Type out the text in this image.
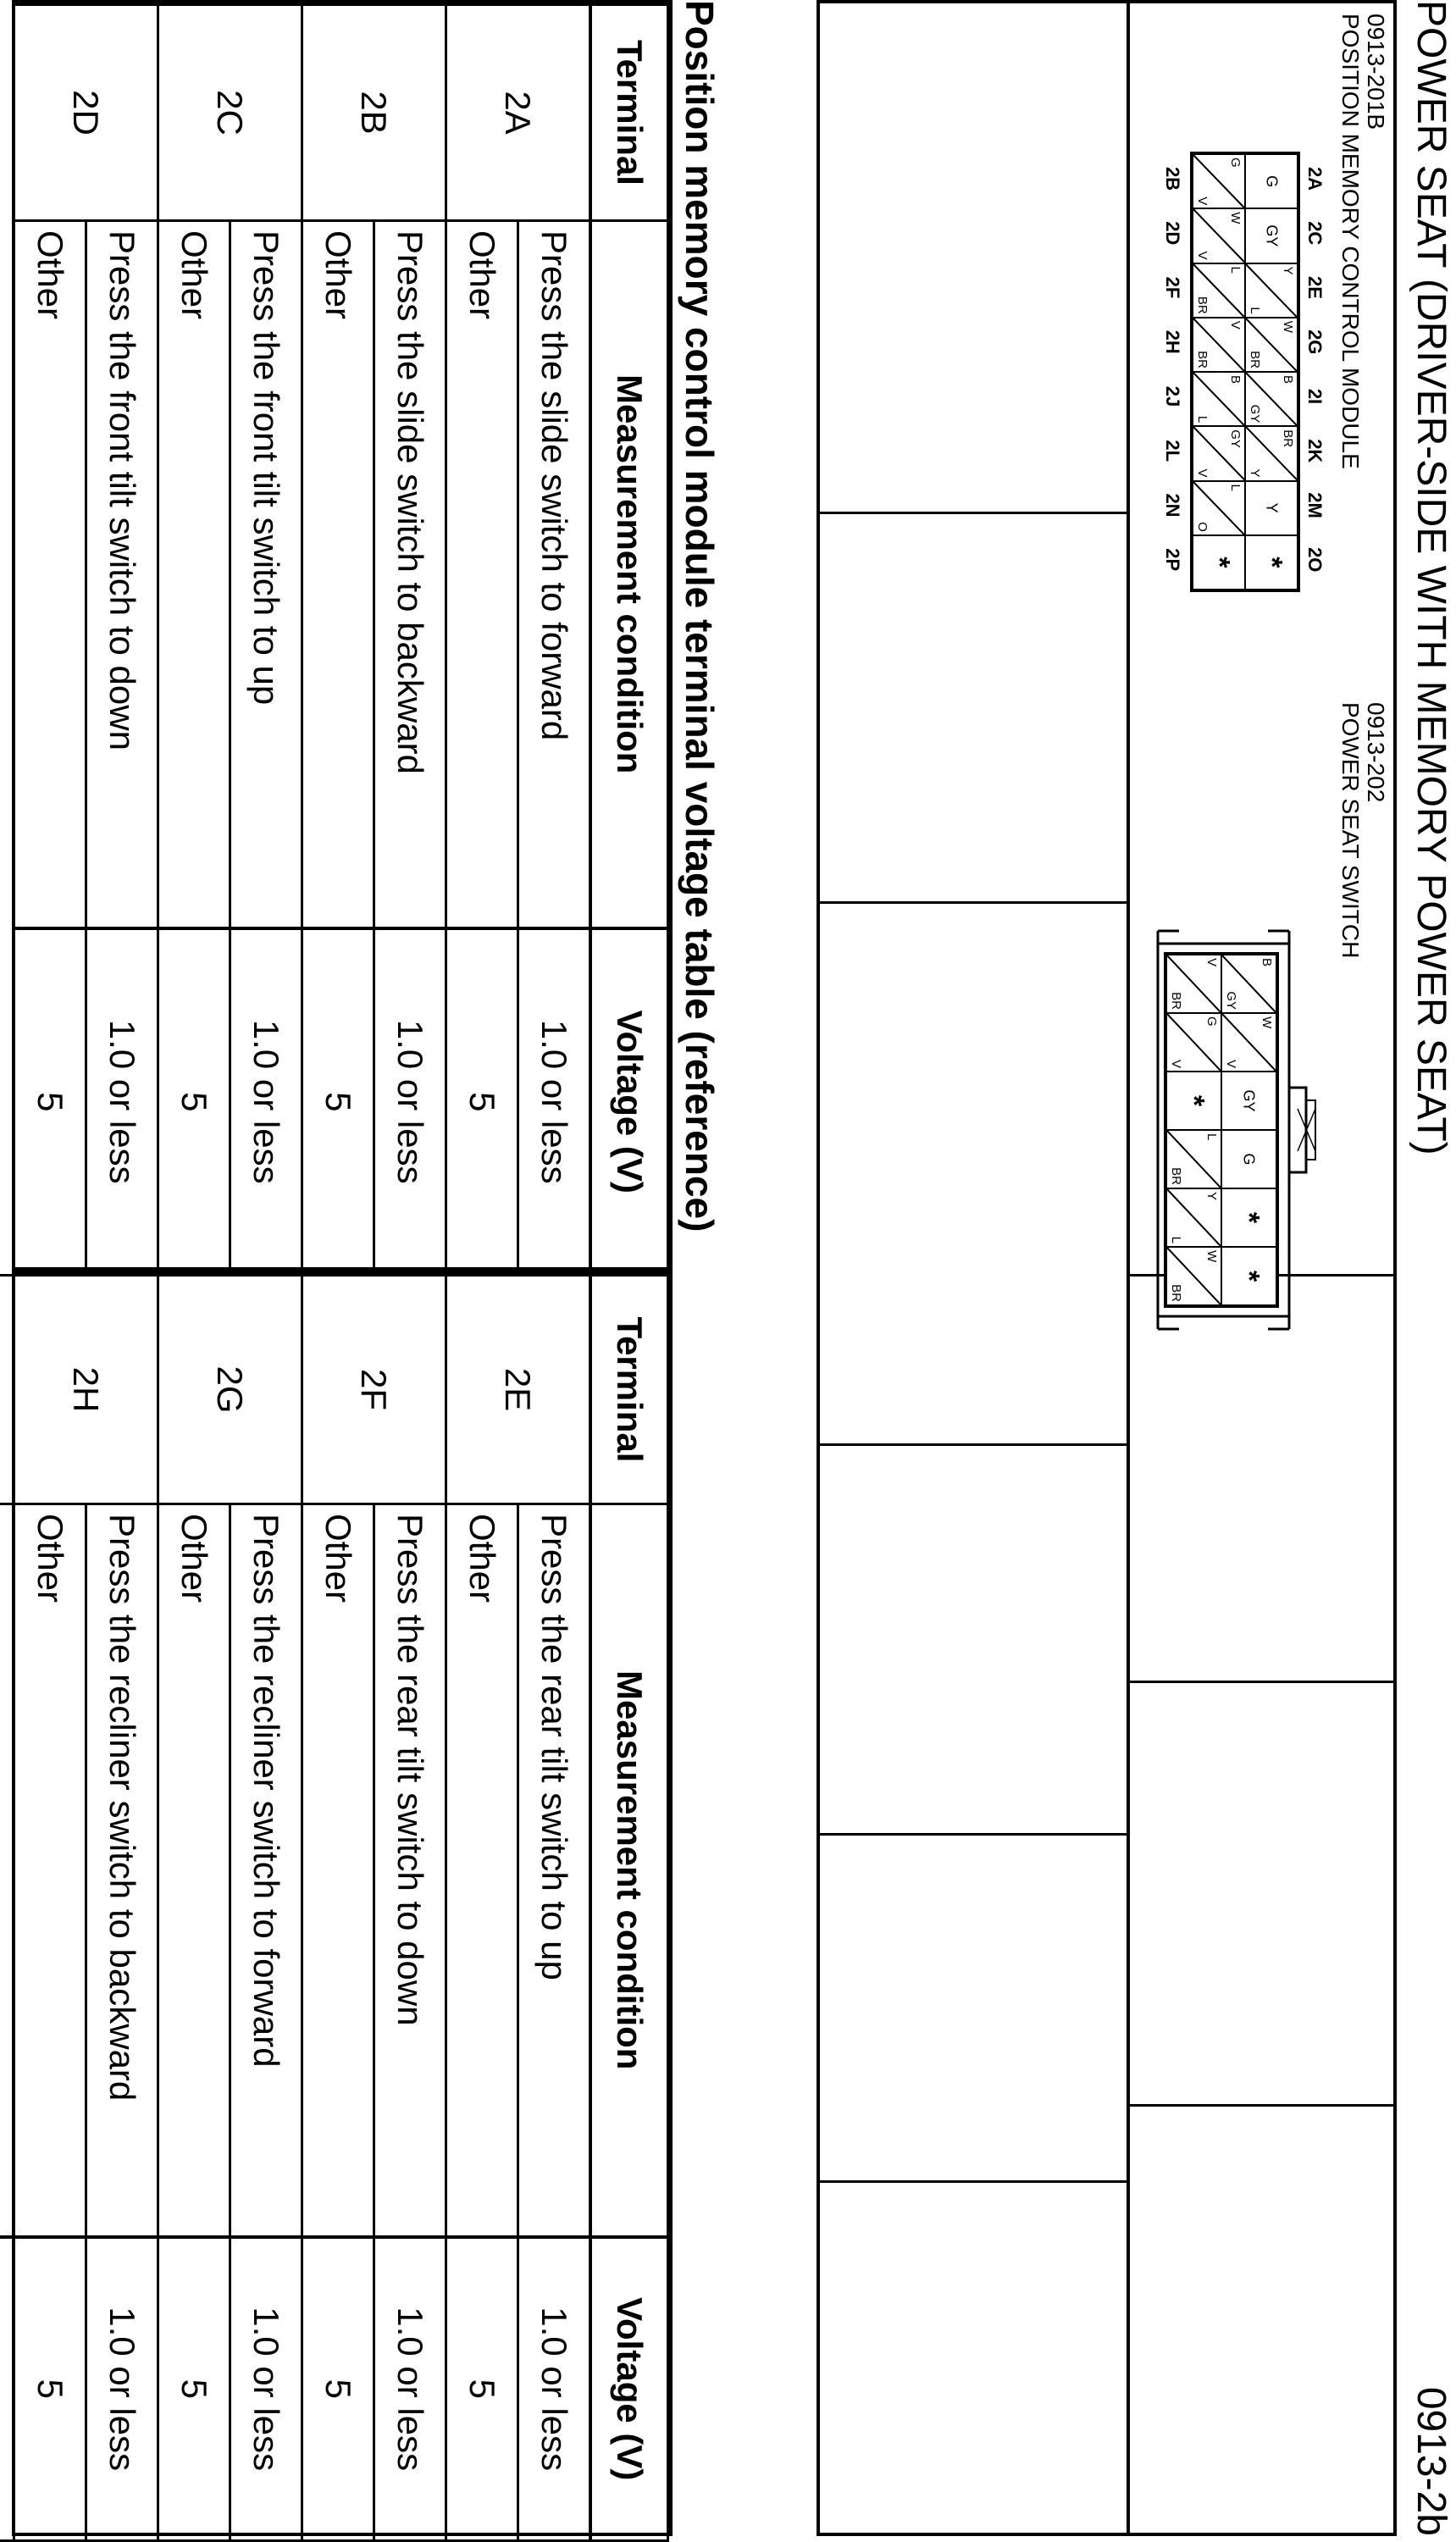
POWER SEAT (DRIVER-SIDE WITH MEMORY POWER SEAT)
0913-2b
0913-201B
POSITION MEMORY CONTROL MODULE
2A
2C
2E
2G
2I
2K
2M
2O
G
GY
Y
L
W
BR
B
GY
BR
Y
Y
*
G
V
W
V
L
BR
V
BR
B
L
GY
V
L
O
*
2B
2D
2F
2H
2J
2L
2N
2P
0913-202
POWER SEAT SWITCH
B
GY
W
V
GY
G
*
*
V
BR
G
V
*
L
BR
Y
L
W
BR
Position memory control module terminal voltage table (reference)
Terminal	Measurement condition	Voltage (V)
2A	Press the slide switch to forward	1.0 or less
	Other	5
2B	Press the slide switch to backward	1.0 or less
	Other	5
2C	Press the front tilt switch to up	1.0 or less
	Other	5
2D	Press the front tilt switch to down	1.0 or less
	Other	5
Terminal	Measurement condition	Voltage (V)
2E	Press the rear tilt switch to up	1.0 or less
	Other	5
2F	Press the rear tilt switch to down	1.0 or less
	Other	5
2G	Press the recliner switch to forward	1.0 or less
	Other	5
2H	Press the recliner switch to backward	1.0 or less
	Other	5
